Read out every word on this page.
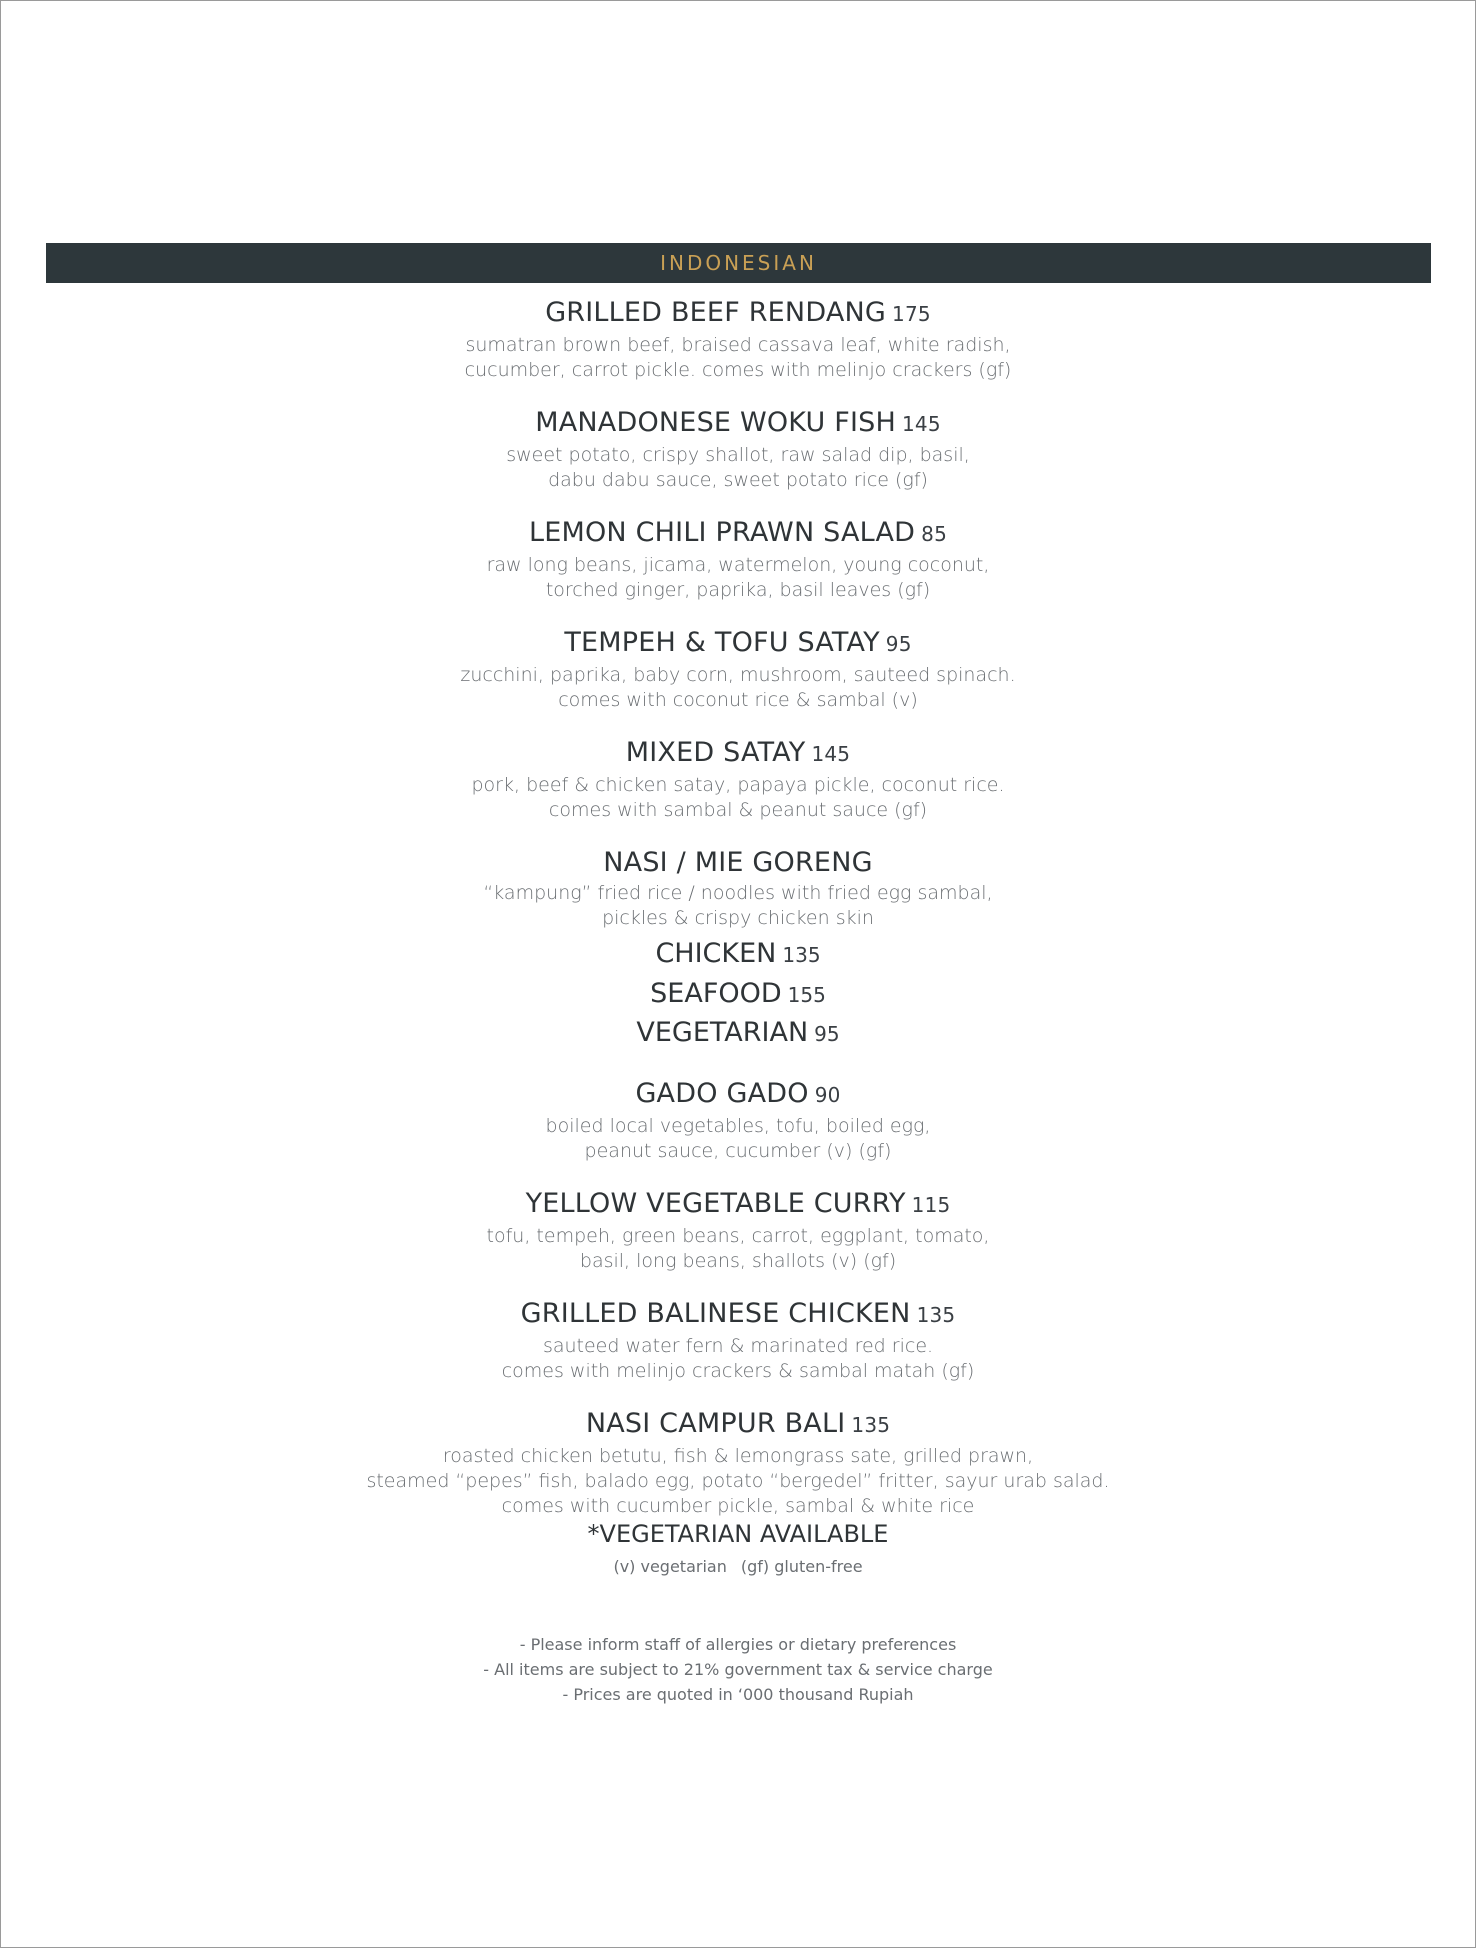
INDONESIAN
GRILLED BEEF RENDANG 175
sumatran brown beef, braised cassava leaf, white radish,
cucumber, carrot pickle. comes with melinjo crackers (gf)
MANADONESE WOKU FISH 145
sweet potato, crispy shallot, raw salad dip, basil,
dabu dabu sauce, sweet potato rice (gf)
LEMON CHILI PRAWN SALAD 85
raw long beans, jicama, watermelon, young coconut,
torched ginger, paprika, basil leaves (gf)
TEMPEH & TOFU SATAY 95
zucchini, paprika, baby corn, mushroom, sauteed spinach.
comes with coconut rice & sambal (v)
MIXED SATAY 145
pork, beef & chicken satay, papaya pickle, coconut rice.
comes with sambal & peanut sauce (gf)
NASI / MIE GORENG
“kampung” fried rice / noodles with fried egg sambal,
pickles & crispy chicken skin
CHICKEN 135
SEAFOOD 155
VEGETARIAN 95
GADO GADO 90
boiled local vegetables, tofu, boiled egg,
peanut sauce, cucumber (v) (gf)
YELLOW VEGETABLE CURRY 115
tofu, tempeh, green beans, carrot, eggplant, tomato,
basil, long beans, shallots (v) (gf)
GRILLED BALINESE CHICKEN 135
sauteed water fern & marinated red rice.
comes with melinjo crackers & sambal matah (gf)
NASI CAMPUR BALI 135
roasted chicken betutu, fish & lemongrass sate, grilled prawn,
steamed “pepes” fish, balado egg, potato “bergedel” fritter, sayur urab salad.
comes with cucumber pickle, sambal & white rice
*VEGETARIAN AVAILABLE
(v) vegetarian (gf) gluten-free
- Please inform staff of allergies or dietary preferences
- All items are subject to 21% government tax & service charge
- Prices are quoted in ‘000 thousand Rupiah
